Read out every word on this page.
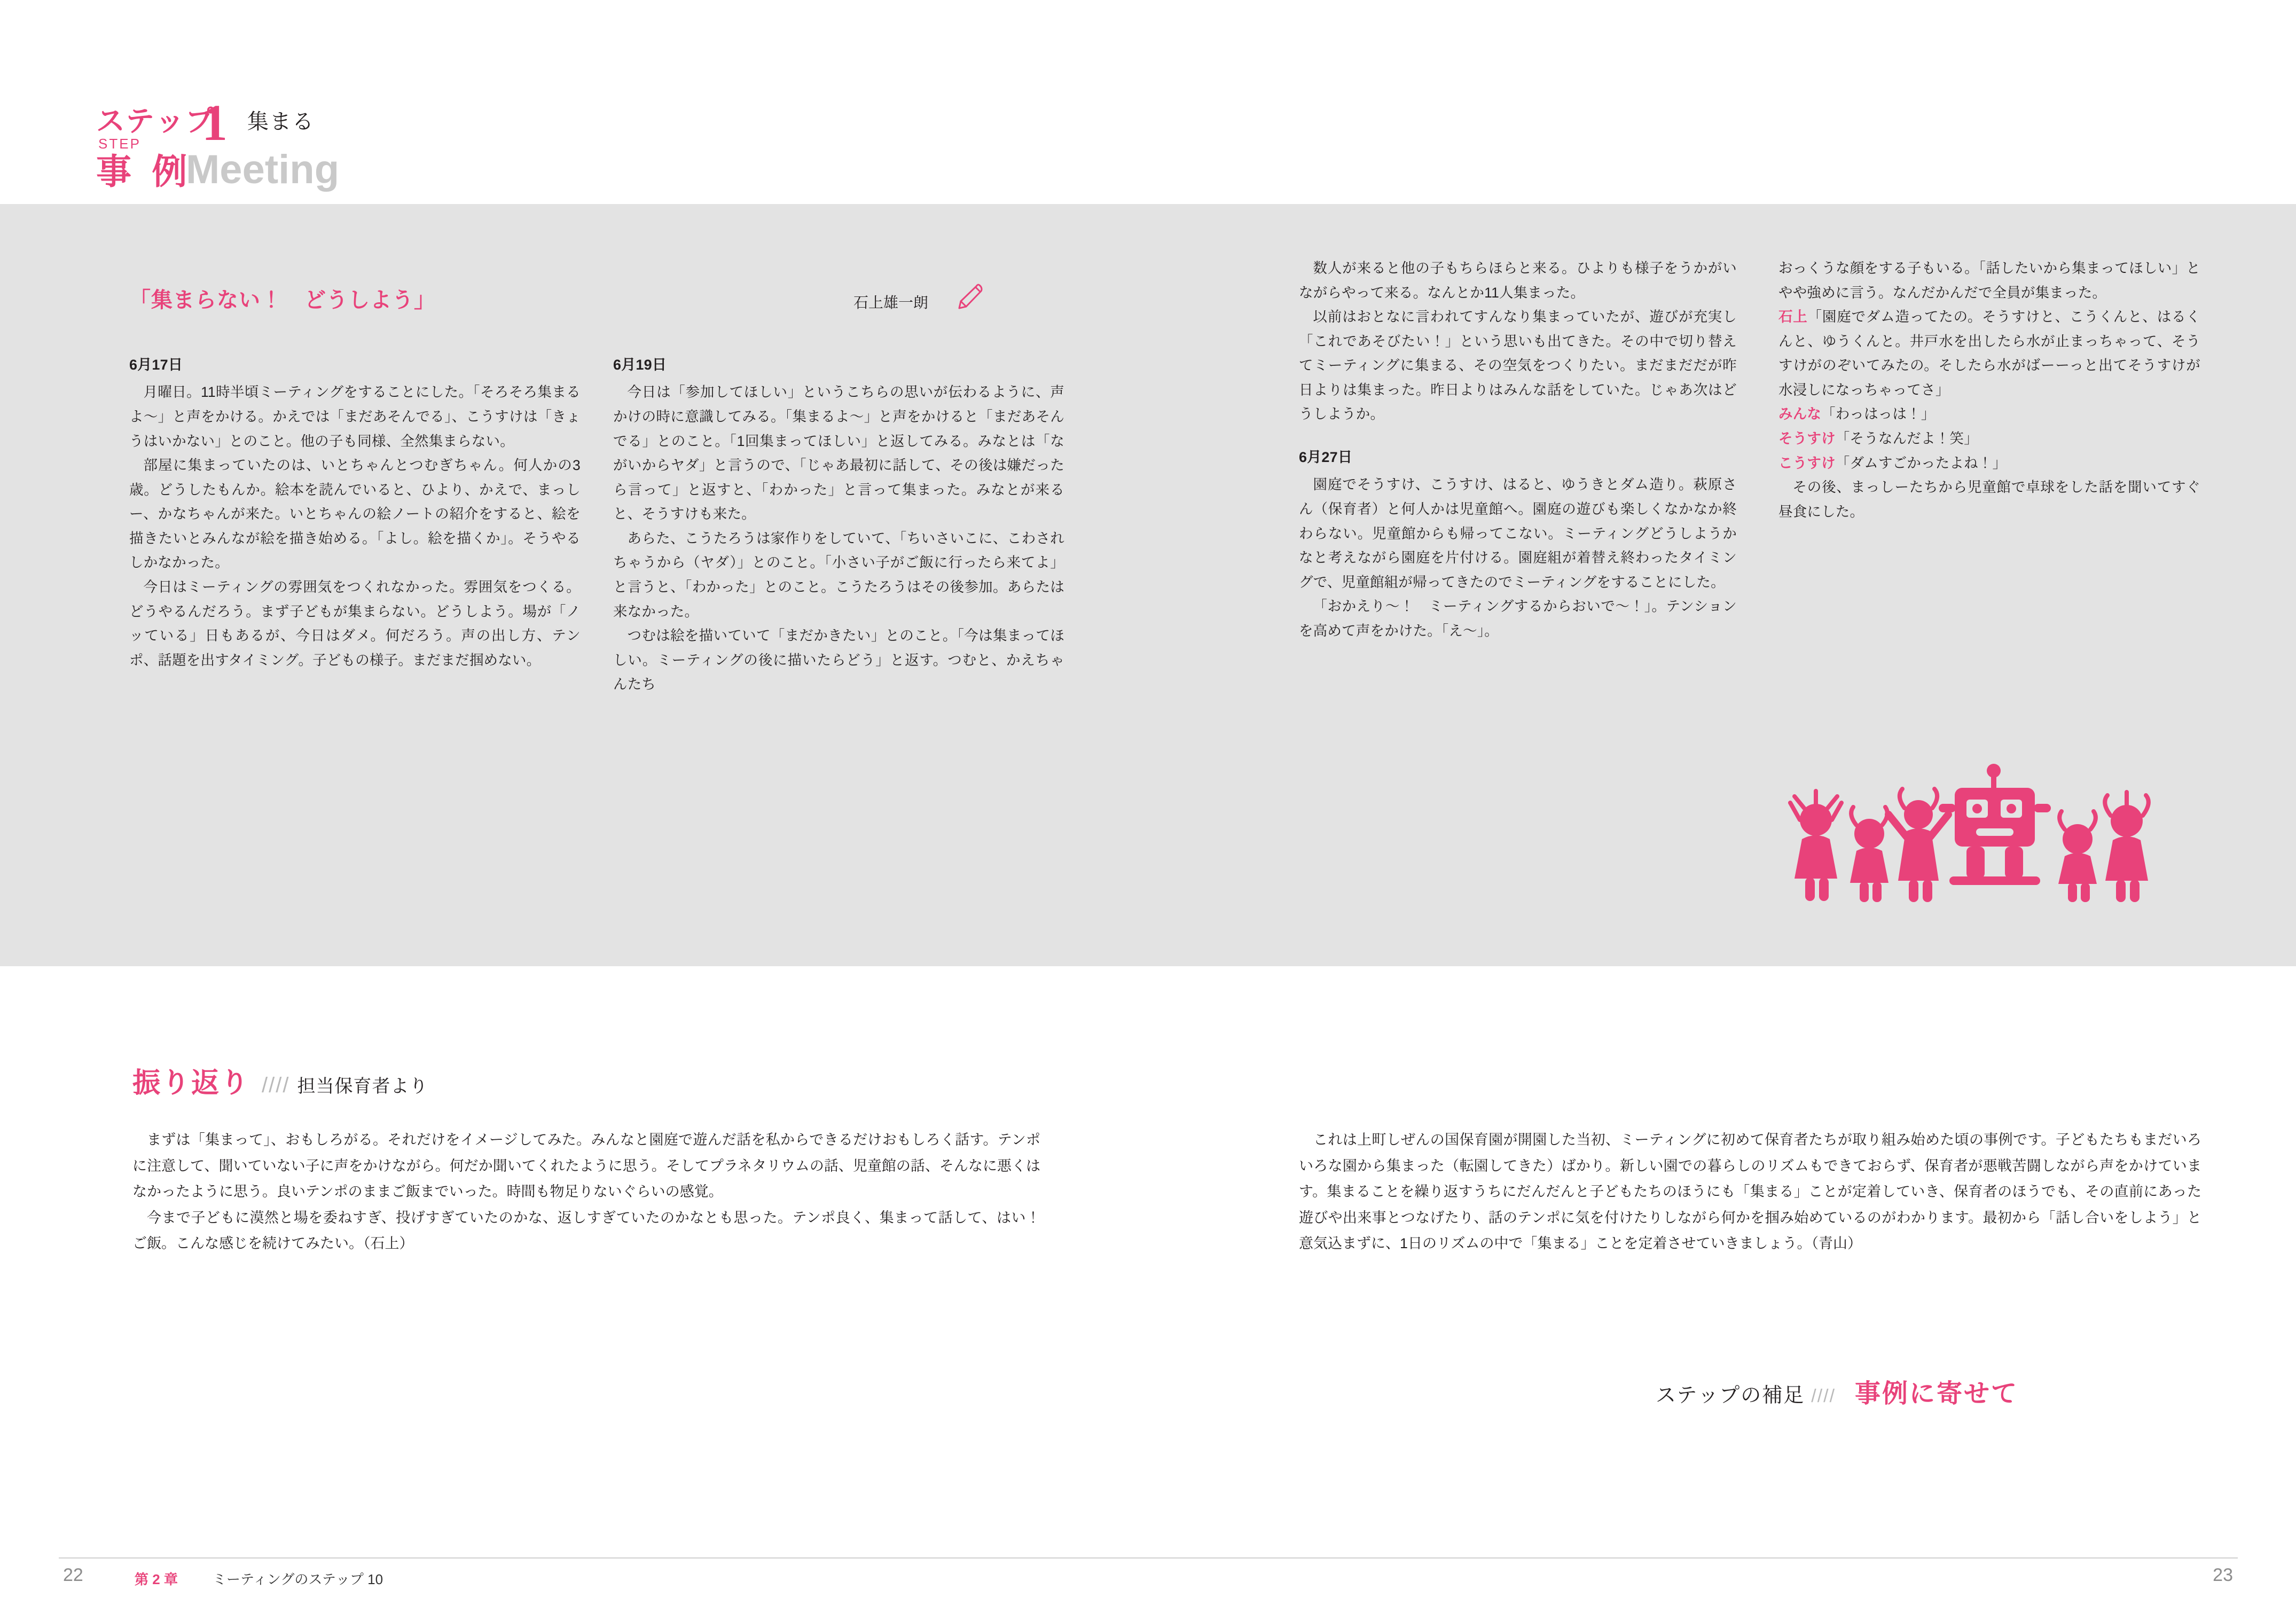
ステップ
STEP 1 集まる
Meeting
事 例
「集まらない！　どうしよう」	石上雄一朗

6月17日

月曜日。11時半頃ミーティングをすることにした。「そろそろ集まるよ〜」と声をかける。かえでは「まだあそんでる」、こうすけは「きょうはいかない」とのこと。他の子も同様、全然集まらない。

部屋に集まっていたのは、いとちゃんとつむぎちゃん。何人かの3歳。どうしたもんか。絵本を読んでいると、ひより、かえで、まっしー、かなちゃんが来た。いとちゃんの絵ノートの紹介をすると、絵を描きたいとみんなが絵を描き始める。「よし。絵を描くか」。そうやるしかなかった。

今日はミーティングの雰囲気をつくれなかった。雰囲気をつくる。どうやるんだろう。まず子どもが集まらない。どうしよう。場が「ノッている」日もあるが、今日はダメ。何だろう。声の出し方、テンポ、話題を出すタイミング。子どもの様子。まだまだ掴めない。

6月19日

今日は「参加してほしい」というこちらの思いが伝わるように、声かけの時に意識してみる。「集まるよ〜」と声をかけると「まだあそんでる」とのこと。「1回集まってほしい」と返してみる。みなとは「ながいからヤダ」と言うので、「じゃあ最初に話して、その後は嫌だったら言って」と返すと、「わかった」と言って集まった。みなとが来ると、そうすけも来た。

あらた、こうたろうは家作りをしていて、「ちいさいこに、こわされちゃうから（ヤダ）」とのこと。「小さい子がご飯に行ったら来てよ」と言うと、「わかった」とのこと。こうたろうはその後参加。あらたは来なかった。

つむは絵を描いていて「まだかきたい」とのこと。「今は集まってほしい。ミーティングの後に描いたらどう」と返す。つむと、かえちゃんたち

数人が来ると他の子もちらほらと来る。ひよりも様子をうかがいながらやって来る。なんとか11人集まった。

以前はおとなに言われてすんなり集まっていたが、遊びが充実し「これであそびたい！」という思いも出てきた。その中で切り替えてミーティングに集まる、その空気をつくりたい。まだまだだが昨日よりは集まった。昨日よりはみんな話をしていた。じゃあ次はどうしようか。

6月27日

園庭でそうすけ、こうすけ、はると、ゆうきとダム造り。萩原さん（保育者）と何人かは児童館へ。園庭の遊びも楽しくなかなか終わらない。児童館からも帰ってこない。ミーティングどうしようかなと考えながら園庭を片付ける。園庭組が着替え終わったタイミングで、児童館組が帰ってきたのでミーティングをすることにした。

「おかえり〜！　ミーティングするからおいで〜！」。テンションを高めて声をかけた。「え〜」。

おっくうな顔をする子もいる。「話したいから集まってほしい」とやや強めに言う。なんだかんだで全員が集まった。

石上「園庭でダム造ってたの。そうすけと、こうくんと、はるくんと、ゆうくんと。井戸水を出したら水が止まっちゃって、そうすけがのぞいてみたの。そしたら水がばーーっと出てそうすけが水浸しになっちゃってさ」

みんな「わっはっは！」

そうすけ「そうなんだよ！笑」

こうすけ「ダムすごかったよね！」

その後、まっしーたちから児童館で卓球をした話を聞いてすぐ昼食にした。

振り返り //// 担当保育者より

まずは「集まって」、おもしろがる。それだけをイメージしてみた。みんなと園庭で遊んだ話を私からできるだけおもしろく話す。テンポに注意して、聞いていない子に声をかけながら。何だか聞いてくれたように思う。そしてプラネタリウムの話、児童館の話、そんなに悪くはなかったように思う。良いテンポのままご飯までいった。時間も物足りないぐらいの感覚。

今まで子どもに漠然と場を委ねすぎ、投げすぎていたのかな、返しすぎていたのかなとも思った。テンポ良く、集まって話して、はい！ ご飯。こんな感じを続けてみたい。（石上）

これは上町しぜんの国保育園が開園した当初、ミーティングに初めて保育者たちが取り組み始めた頃の事例です。子どもたちもまだいろいろな園から集まった（転園してきた）ばかり。新しい園での暮らしのリズムもできておらず、保育者が悪戦苦闘しながら声をかけています。集まることを繰り返すうちにだんだんと子どもたちのほうにも「集まる」ことが定着していき、保育者のほうでも、その直前にあった遊びや出来事とつなげたり、話のテンポに気を付けたりしながら何かを掴み始めているのがわかります。最初から「話し合いをしよう」と意気込まずに、1日のリズムの中で「集まる」ことを定着させていきましょう。（青山）

ステップの補足 //// 事例に寄せて
22	第 2 章	ミーティングのステップ 10	23
